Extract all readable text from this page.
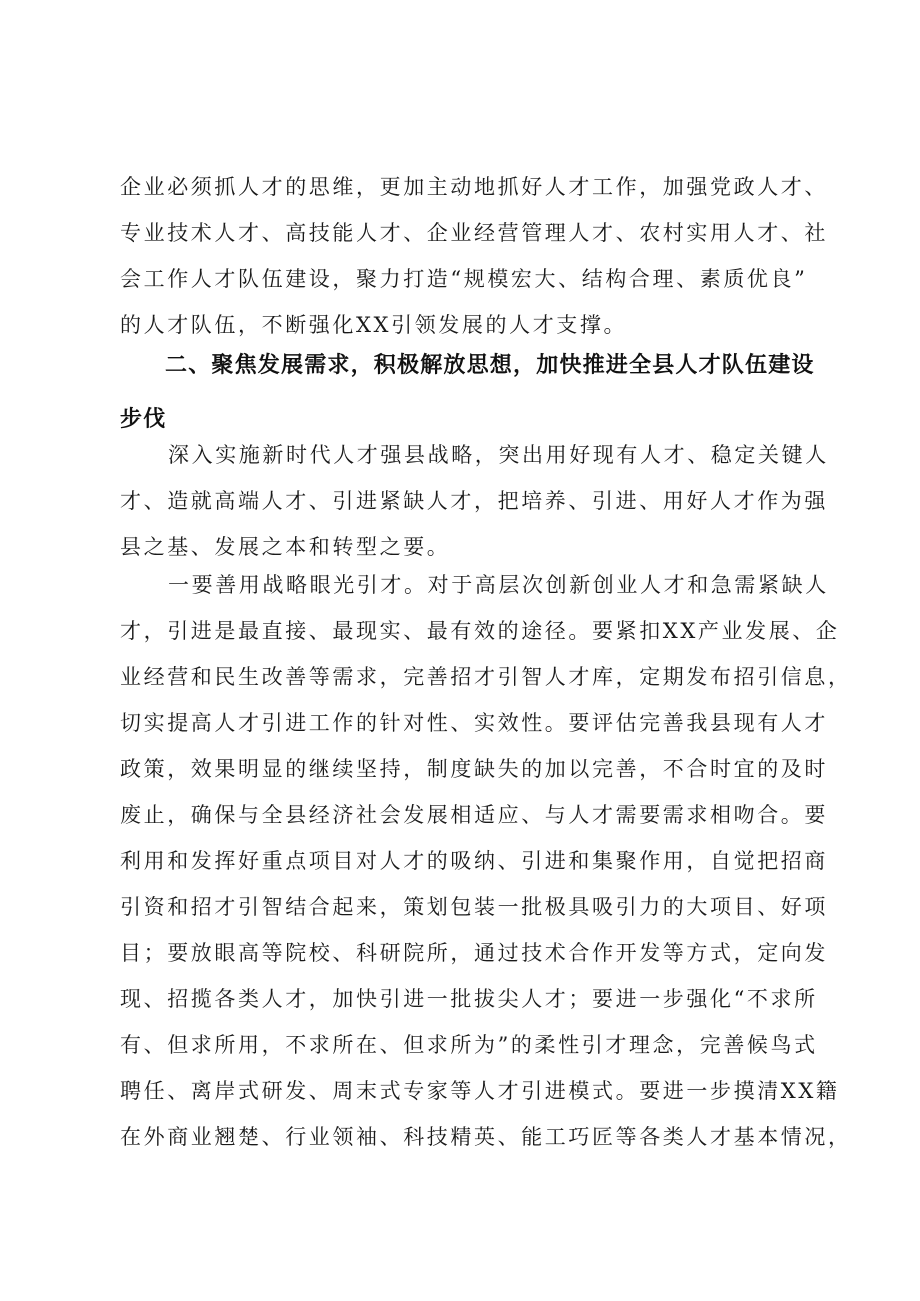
企业必须抓人才的思维，更加主动地抓好人才工作，加强党政人才、
专业技术人才、高技能人才、企业经营管理人才、农村实用人才、社
会工作人才队伍建设，聚力打造“规模宏大、结构合理、素质优良”
的人才队伍，不断强化XX引领发展的人才支撑。
二、聚焦发展需求，积极解放思想，加快推进全县人才队伍建设
步伐
深入实施新时代人才强县战略，突出用好现有人才、稳定关键人
才、造就高端人才、引进紧缺人才，把培养、引进、用好人才作为强
县之基、发展之本和转型之要。
一要善用战略眼光引才。对于高层次创新创业人才和急需紧缺人
才，引进是最直接、最现实、最有效的途径。要紧扣XX产业发展、企
业经营和民生改善等需求，完善招才引智人才库，定期发布招引信息，
切实提高人才引进工作的针对性、实效性。要评估完善我县现有人才
政策，效果明显的继续坚持，制度缺失的加以完善，不合时宜的及时
废止，确保与全县经济社会发展相适应、与人才需要需求相吻合。要
利用和发挥好重点项目对人才的吸纳、引进和集聚作用，自觉把招商
引资和招才引智结合起来，策划包装一批极具吸引力的大项目、好项
目；要放眼高等院校、科研院所，通过技术合作开发等方式，定向发
现、招揽各类人才，加快引进一批拔尖人才；要进一步强化“不求所
有、但求所用，不求所在、但求所为”的柔性引才理念，完善候鸟式
聘任、离岸式研发、周末式专家等人才引进模式。要进一步摸清XX籍
在外商业翘楚、行业领袖、科技精英、能工巧匠等各类人才基本情况，
